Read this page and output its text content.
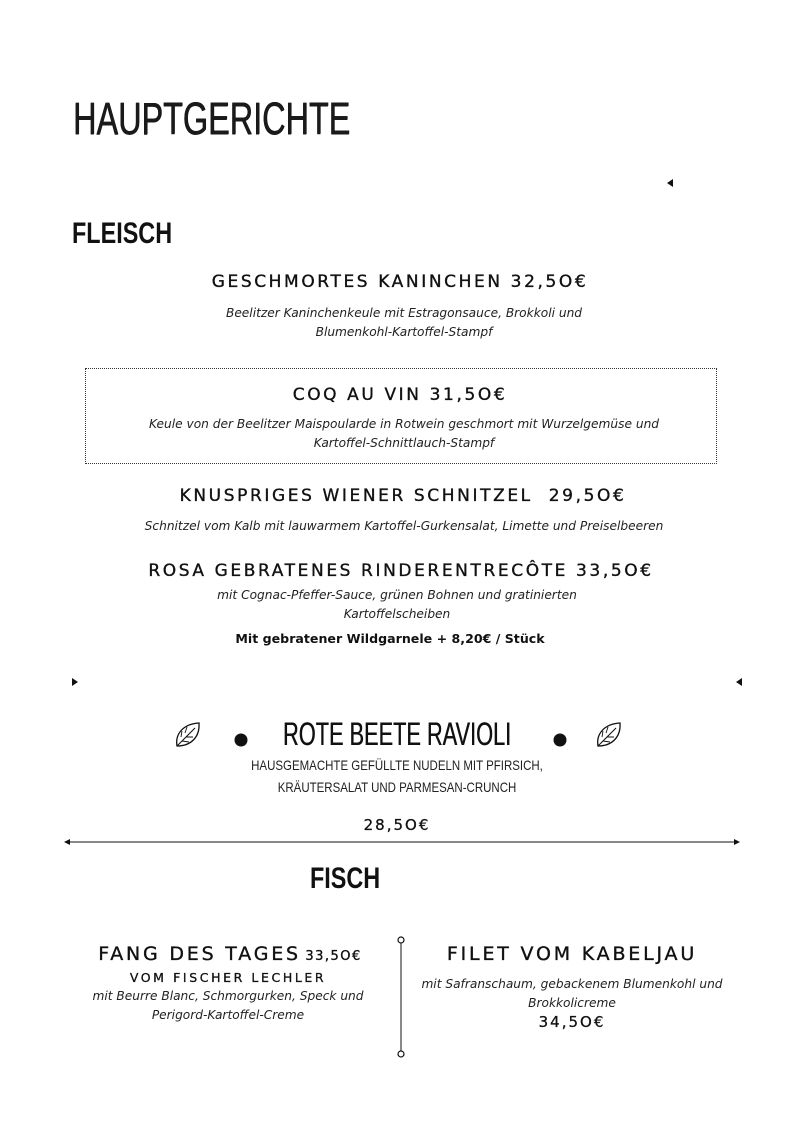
HAUPTGERICHTE
FLEISCH
GESCHMORTES KANINCHEN 32,5O€
Beelitzer Kaninchenkeule mit Estragonsauce, Brokkoli und
Blumenkohl-Kartoffel-Stampf
COQ AU VIN 31,5O€
Keule von der Beelitzer Maispoularde in Rotwein geschmort mit Wurzelgemüse und
Kartoffel-Schnittlauch-Stampf
KNUSPRIGES WIENER SCHNITZEL  29,5O€
Schnitzel vom Kalb mit lauwarmem Kartoffel-Gurkensalat, Limette und Preiselbeeren
ROSA GEBRATENES RINDERENTRECÔTE 33,5O€
mit Cognac-Pfeffer-Sauce, grünen Bohnen und gratinierten
Kartoffelscheiben
Mit gebratener Wildgarnele + 8,20€ / Stück
ROTE BEETE RAVIOLI
HAUSGEMACHTE GEFÜLLTE NUDELN MIT PFIRSICH,
KRÄUTERSALAT UND PARMESAN-CRUNCH
28,5O€
FISCH
FANG DES TAGES 33,5O€
VOM FISCHER LECHLER
mit Beurre Blanc, Schmorgurken, Speck und
Perigord-Kartoffel-Creme
FILET VOM KABELJAU
mit Safranschaum, gebackenem Blumenkohl und
Brokkolicreme
34,5O€
